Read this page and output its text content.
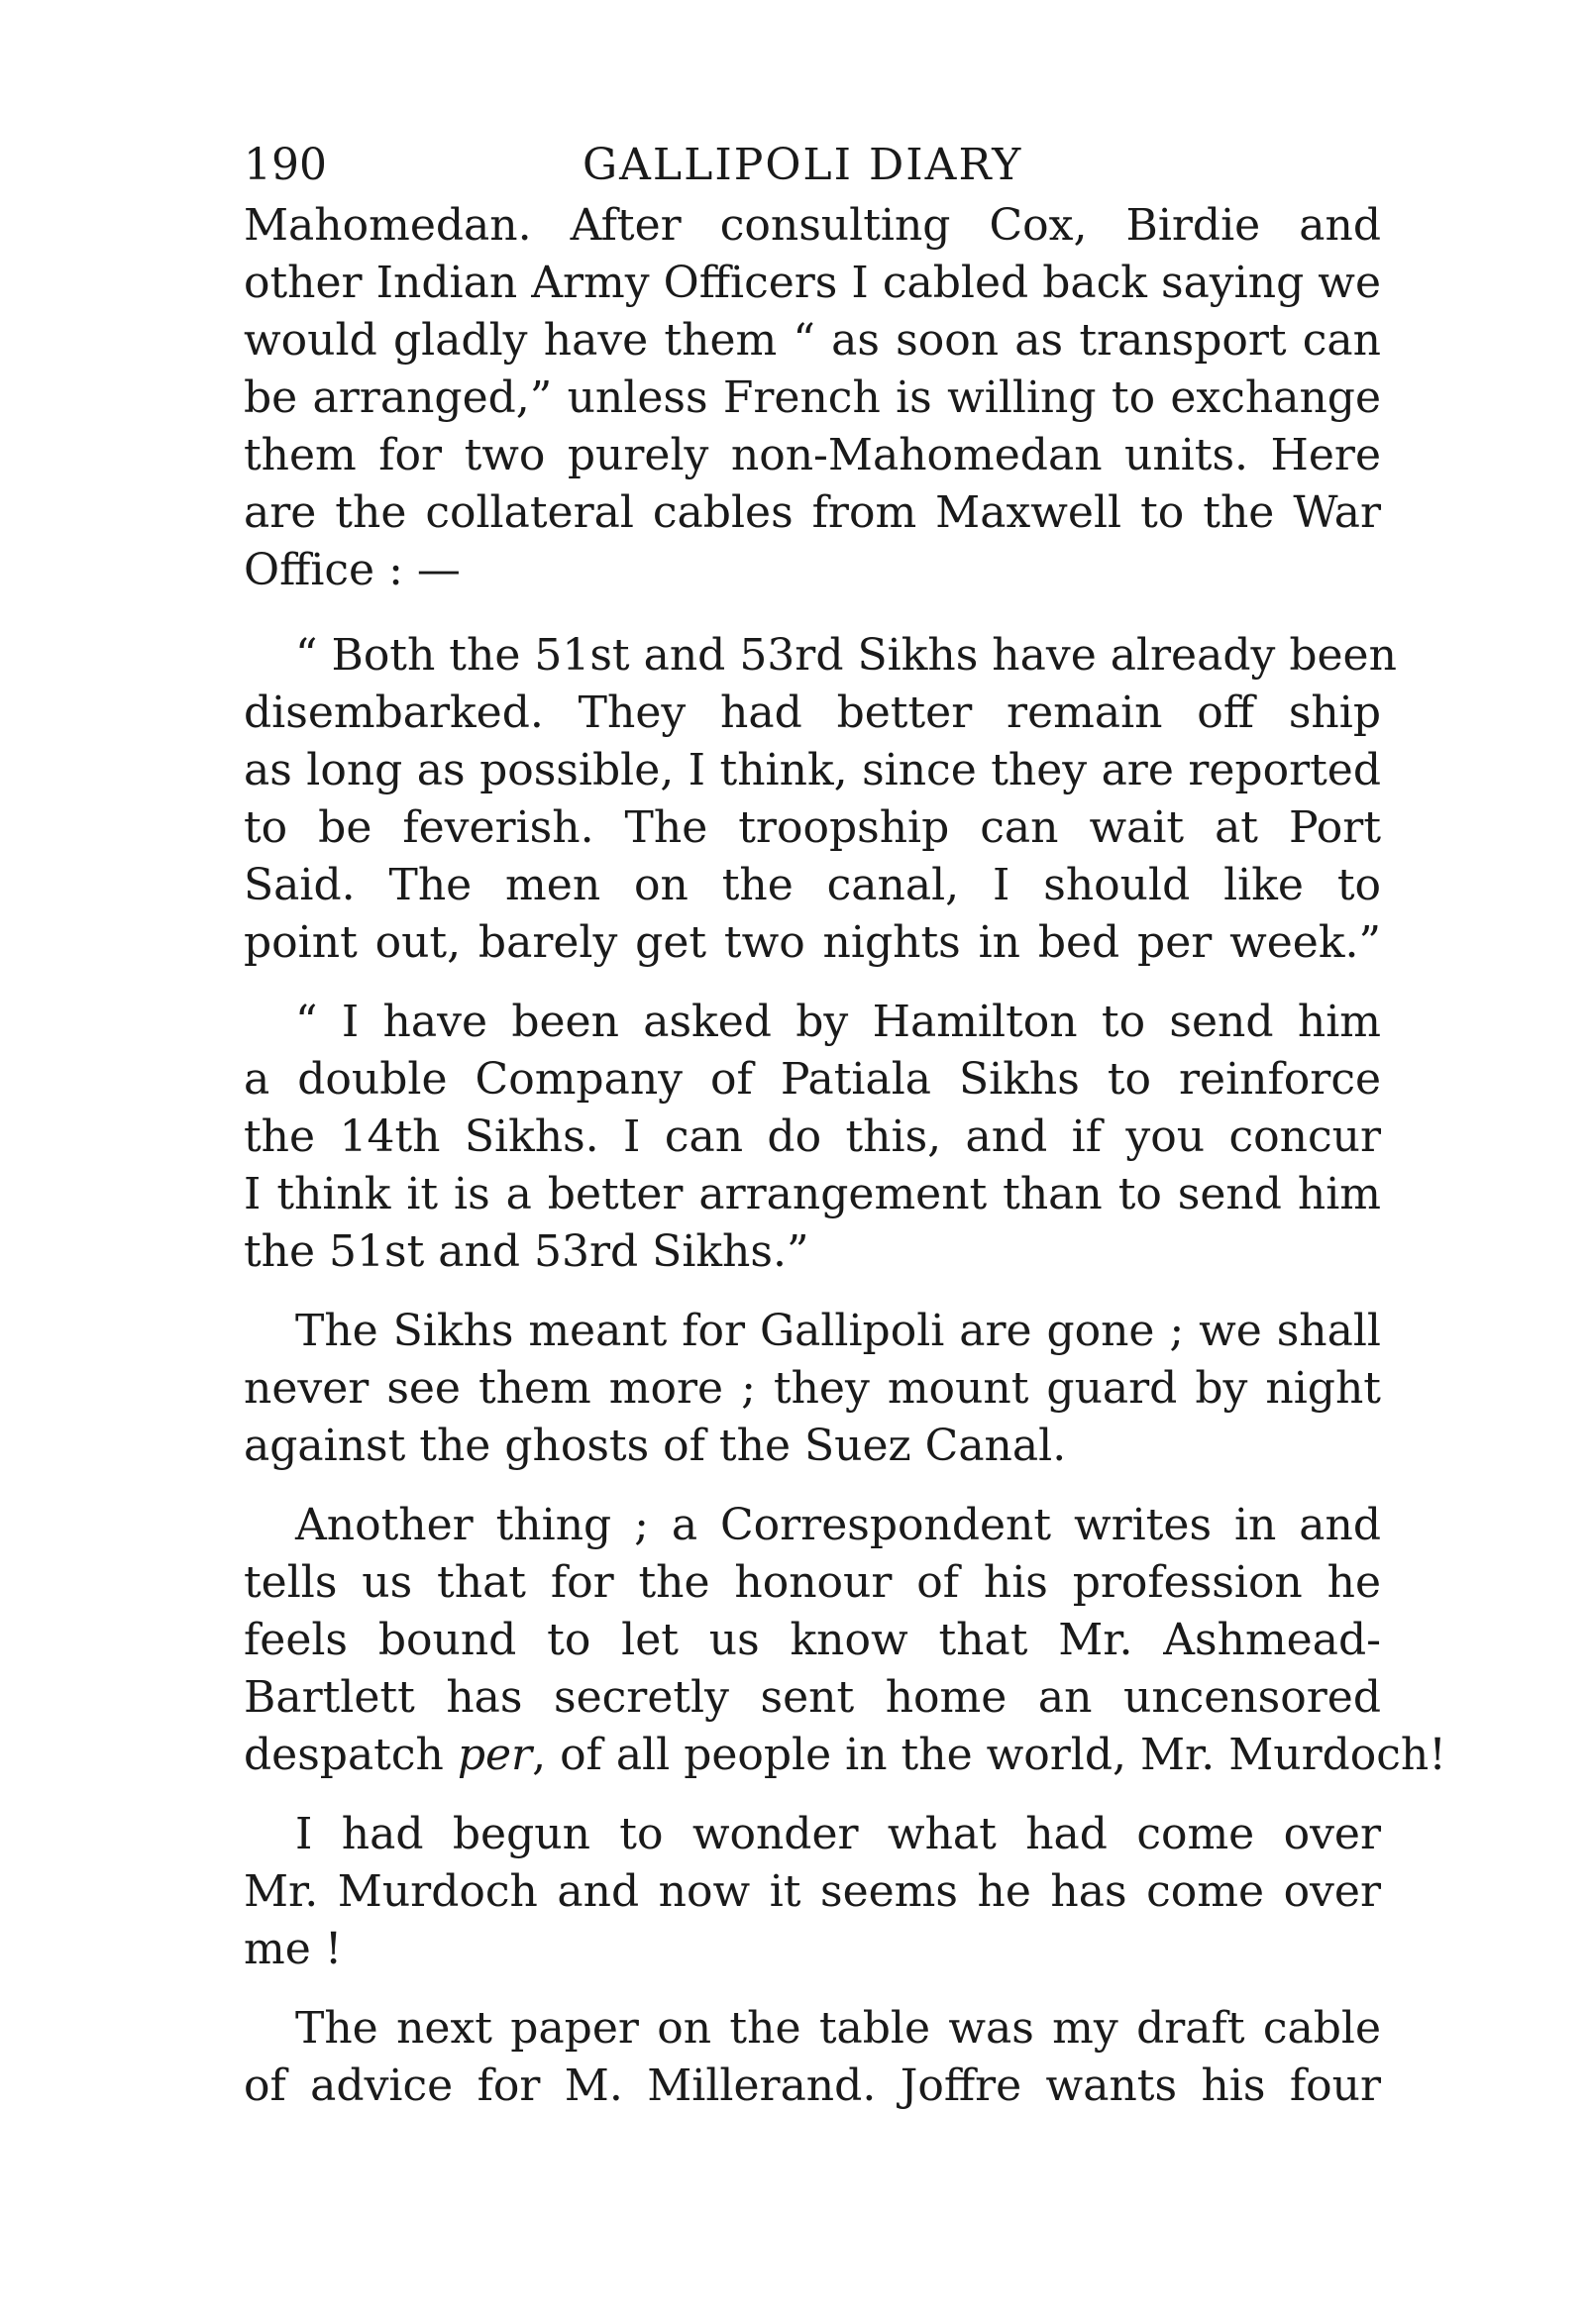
190	GALLIPOLI DIARY

Mahomedan. After consulting Cox, Birdie and
other Indian Army Officers I cabled back saying we
would gladly have them “ as soon as transport can
be arranged,” unless French is willing to exchange
them for two purely non-Mahomedan units. Here
are the collateral cables from Maxwell to the War
Office : —

“ Both the 51st and 53rd Sikhs have already been
disembarked. They had better remain off ship
as long as possible, I think, since they are reported
to be feverish. The troopship can wait at Port
Said. The men on the canal, I should like to
point out, barely get two nights in bed per week.”

“ I have been asked by Hamilton to send him
a double Company of Patiala Sikhs to reinforce
the 14th Sikhs. I can do this, and if you concur
I think it is a better arrangement than to send him
the 51st and 53rd Sikhs.”

The Sikhs meant for Gallipoli are gone ; we shall
never see them more ; they mount guard by night
against the ghosts of the Suez Canal.

Another thing ; a Correspondent writes in and
tells us that for the honour of his profession he
feels bound to let us know that Mr. Ashmead-
Bartlett has secretly sent home an uncensored
despatch per, of all people in the world, Mr. Murdoch!

I had begun to wonder what had come over
Mr. Murdoch and now it seems he has come over
me !

The next paper on the table was my draft cable
of advice for M. Millerand. Joffre wants his four
